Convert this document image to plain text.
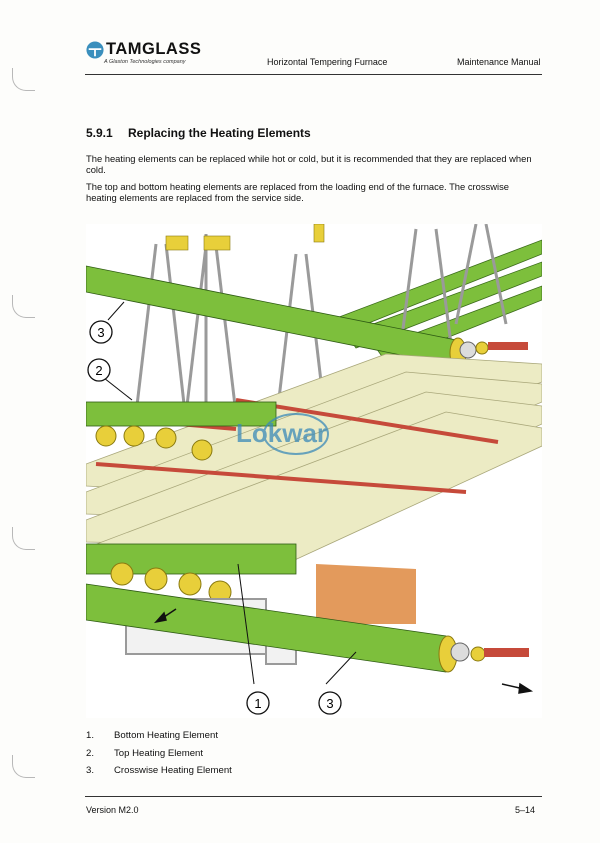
TAMGLASS
A Glaston Technologies company	Horizontal Tempering Furnace	Maintenance Manual
5.9.1 Replacing the Heating Elements
The heating elements can be replaced while hot or cold, but it is recommended that they are replaced when cold.
The top and bottom heating elements are replaced from the loading end of the furnace. The crosswise heating elements are replaced from the service side.
Lokwar
3
2
1	3
1.	Bottom Heating Element
2.	Top Heating Element
3.	Crosswise Heating Element
Version M2.0	5–14
